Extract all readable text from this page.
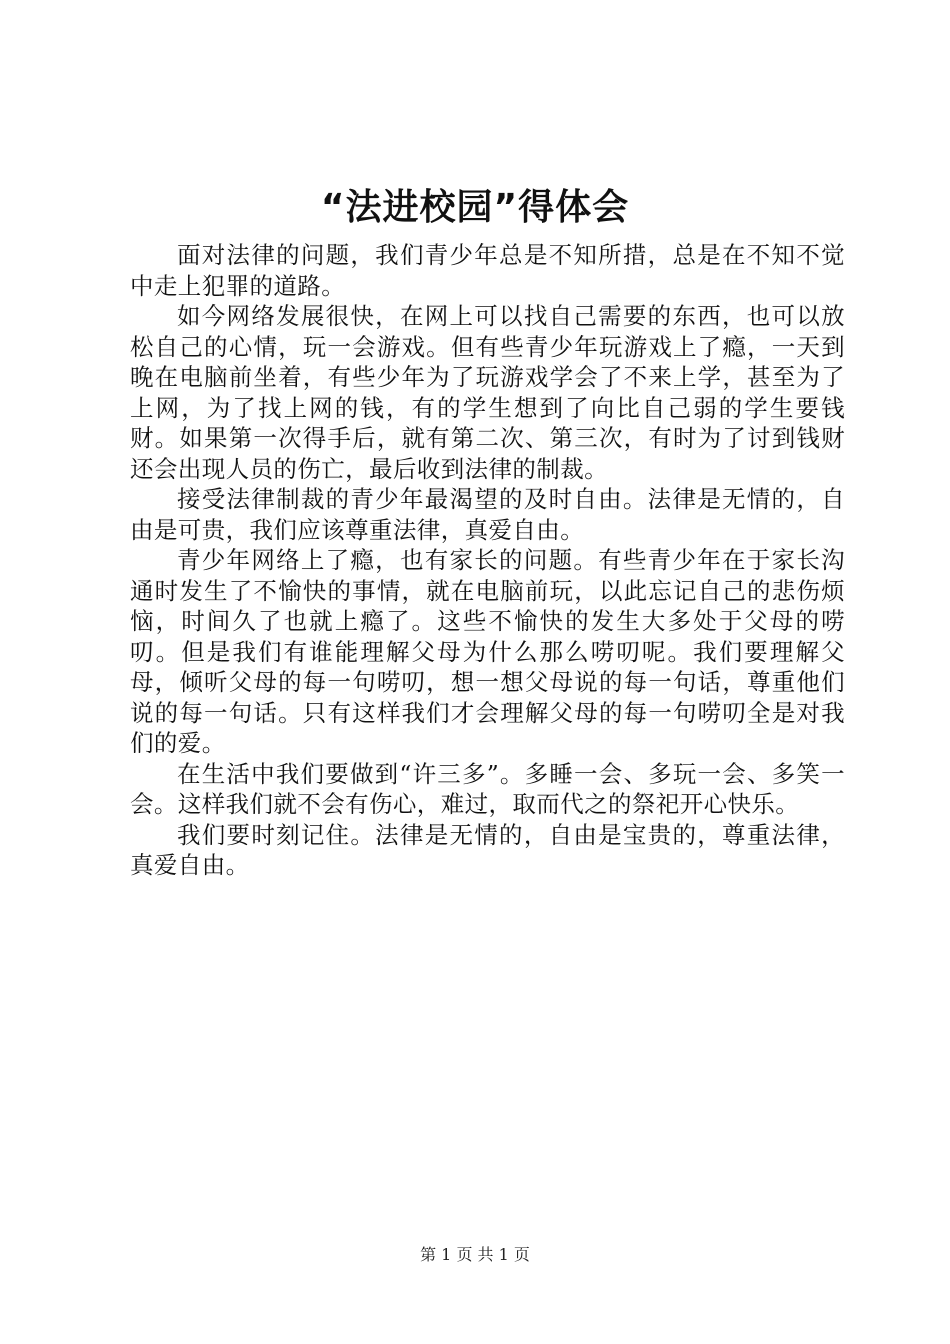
“法进校园”得体会

面对法律的问题，我们青少年总是不知所措，总是在不知不觉中走上犯罪的道路。

如今网络发展很快，在网上可以找自己需要的东西，也可以放松自己的心情，玩一会游戏。但有些青少年玩游戏上了瘾，一天到晚在电脑前坐着，有些少年为了玩游戏学会了不来上学，甚至为了上网，为了找上网的钱，有的学生想到了向比自己弱的学生要钱财。如果第一次得手后，就有第二次、第三次，有时为了讨到钱财还会出现人员的伤亡，最后收到法律的制裁。

接受法律制裁的青少年最渴望的及时自由。法律是无情的，自由是可贵，我们应该尊重法律，真爱自由。

青少年网络上了瘾，也有家长的问题。有些青少年在于家长沟通时发生了不愉快的事情，就在电脑前玩，以此忘记自己的悲伤烦恼，时间久了也就上瘾了。这些不愉快的发生大多处于父母的唠叨。但是我们有谁能理解父母为什么那么唠叨呢。我们要理解父母，倾听父母的每一句唠叨，想一想父母说的每一句话，尊重他们说的每一句话。只有这样我们才会理解父母的每一句唠叨全是对我们的爱。

在生活中我们要做到“许三多”。多睡一会、多玩一会、多笑一会。这样我们就不会有伤心，难过，取而代之的祭祀开心快乐。

我们要时刻记住。法律是无情的，自由是宝贵的，尊重法律，真爱自由。

第 1 页 共 1 页
